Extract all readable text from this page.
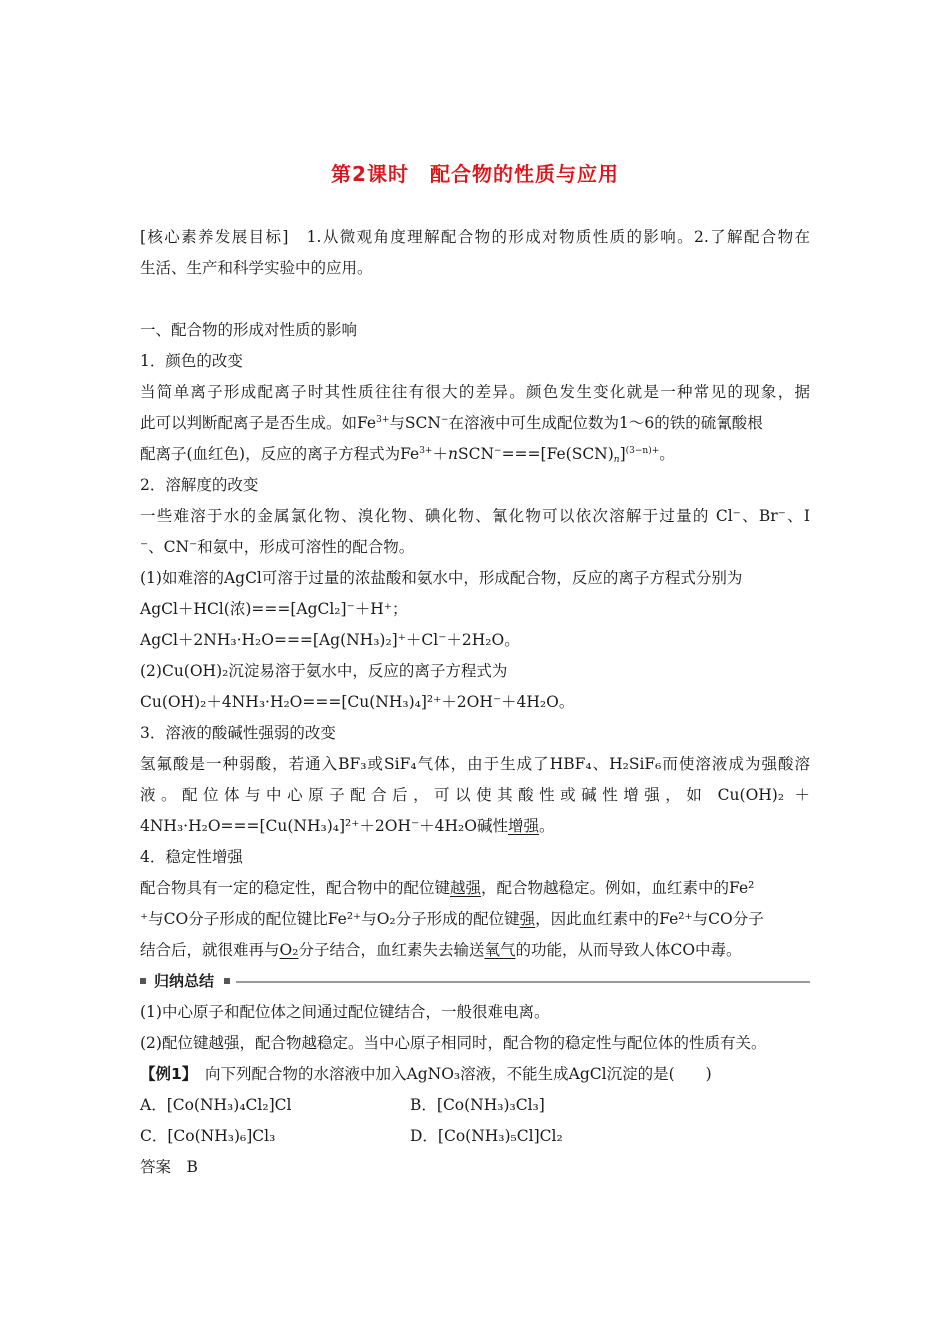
第2课时　配合物的性质与应用
[核心素养发展目标]　1.从微观角度理解配合物的形成对物质性质的影响。2.了解配合物在
生活、生产和科学实验中的应用。
一、配合物的形成对性质的影响
1．颜色的改变
当简单离子形成配离子时其性质往往有很大的差异。颜色发生变化就是一种常见的现象，据
此可以判断配离子是否生成。如$Fe^{3+}$与SCN−在溶液中可生成配位数为1～6的铁的硫氰酸根
配离子(血红色)，反应的离子方程式为$Fe^{3+}+nSCN^-===[Fe(SCN)_n]^{(3-n)+}$。
2．溶解度的改变
一些难溶于水的金属氯化物、溴化物、碘化物、氰化物可以依次溶解于过量的 Cl⁻、Br⁻、I
⁻、CN⁻和氨中，形成可溶性的配合物。
(1)如难溶的AgCl可溶于过量的浓盐酸和氨水中，形成配合物，反应的离子方程式分别为
AgCl＋HCl(浓)===[AgCl₂]⁻＋H⁺；
AgCl＋2NH₃·H₂O===[Ag(NH₃)₂]⁺＋Cl⁻＋2H₂O。
(2)Cu(OH)₂沉淀易溶于氨水中，反应的离子方程式为
Cu(OH)₂＋4NH₃·H₂O===[Cu(NH₃)₄]²⁺＋2OH⁻＋4H₂O。
3．溶液的酸碱性强弱的改变
氢氟酸是一种弱酸，若通入BF₃或SiF₄气体，由于生成了HBF₄、H₂SiF₆而使溶液成为强酸溶
液。配位体与中心原子配合后，可以使其酸性或碱性增强，如 Cu(OH)₂ ＋
4NH₃·H₂O===[Cu(NH₃)₄]²⁺＋2OH⁻＋4H₂O碱性增强。
4．稳定性增强
配合物具有一定的稳定性，配合物中的配位键越强，配合物越稳定。例如，血红素中的Fe²
⁺与CO分子形成的配位键比Fe²⁺与O₂分子形成的配位键强，因此血红素中的Fe²⁺与CO分子
结合后，就很难再与O₂分子结合，血红素失去输送氧气的功能，从而导致人体CO中毒。
归纳总结
(1)中心原子和配位体之间通过配位键结合，一般很难电离。
(2)配位键越强，配合物越稳定。当中心原子相同时，配合物的稳定性与配位体的性质有关。
【例1】　向下列配合物的水溶液中加入AgNO₃溶液，不能生成AgCl沉淀的是(　　)
A．[Co(NH₃)₄Cl₂]Cl	B．[Co(NH₃)₃Cl₃]
C．[Co(NH₃)₆]Cl₃	D．[Co(NH₃)₅Cl]Cl₂
答案　B
